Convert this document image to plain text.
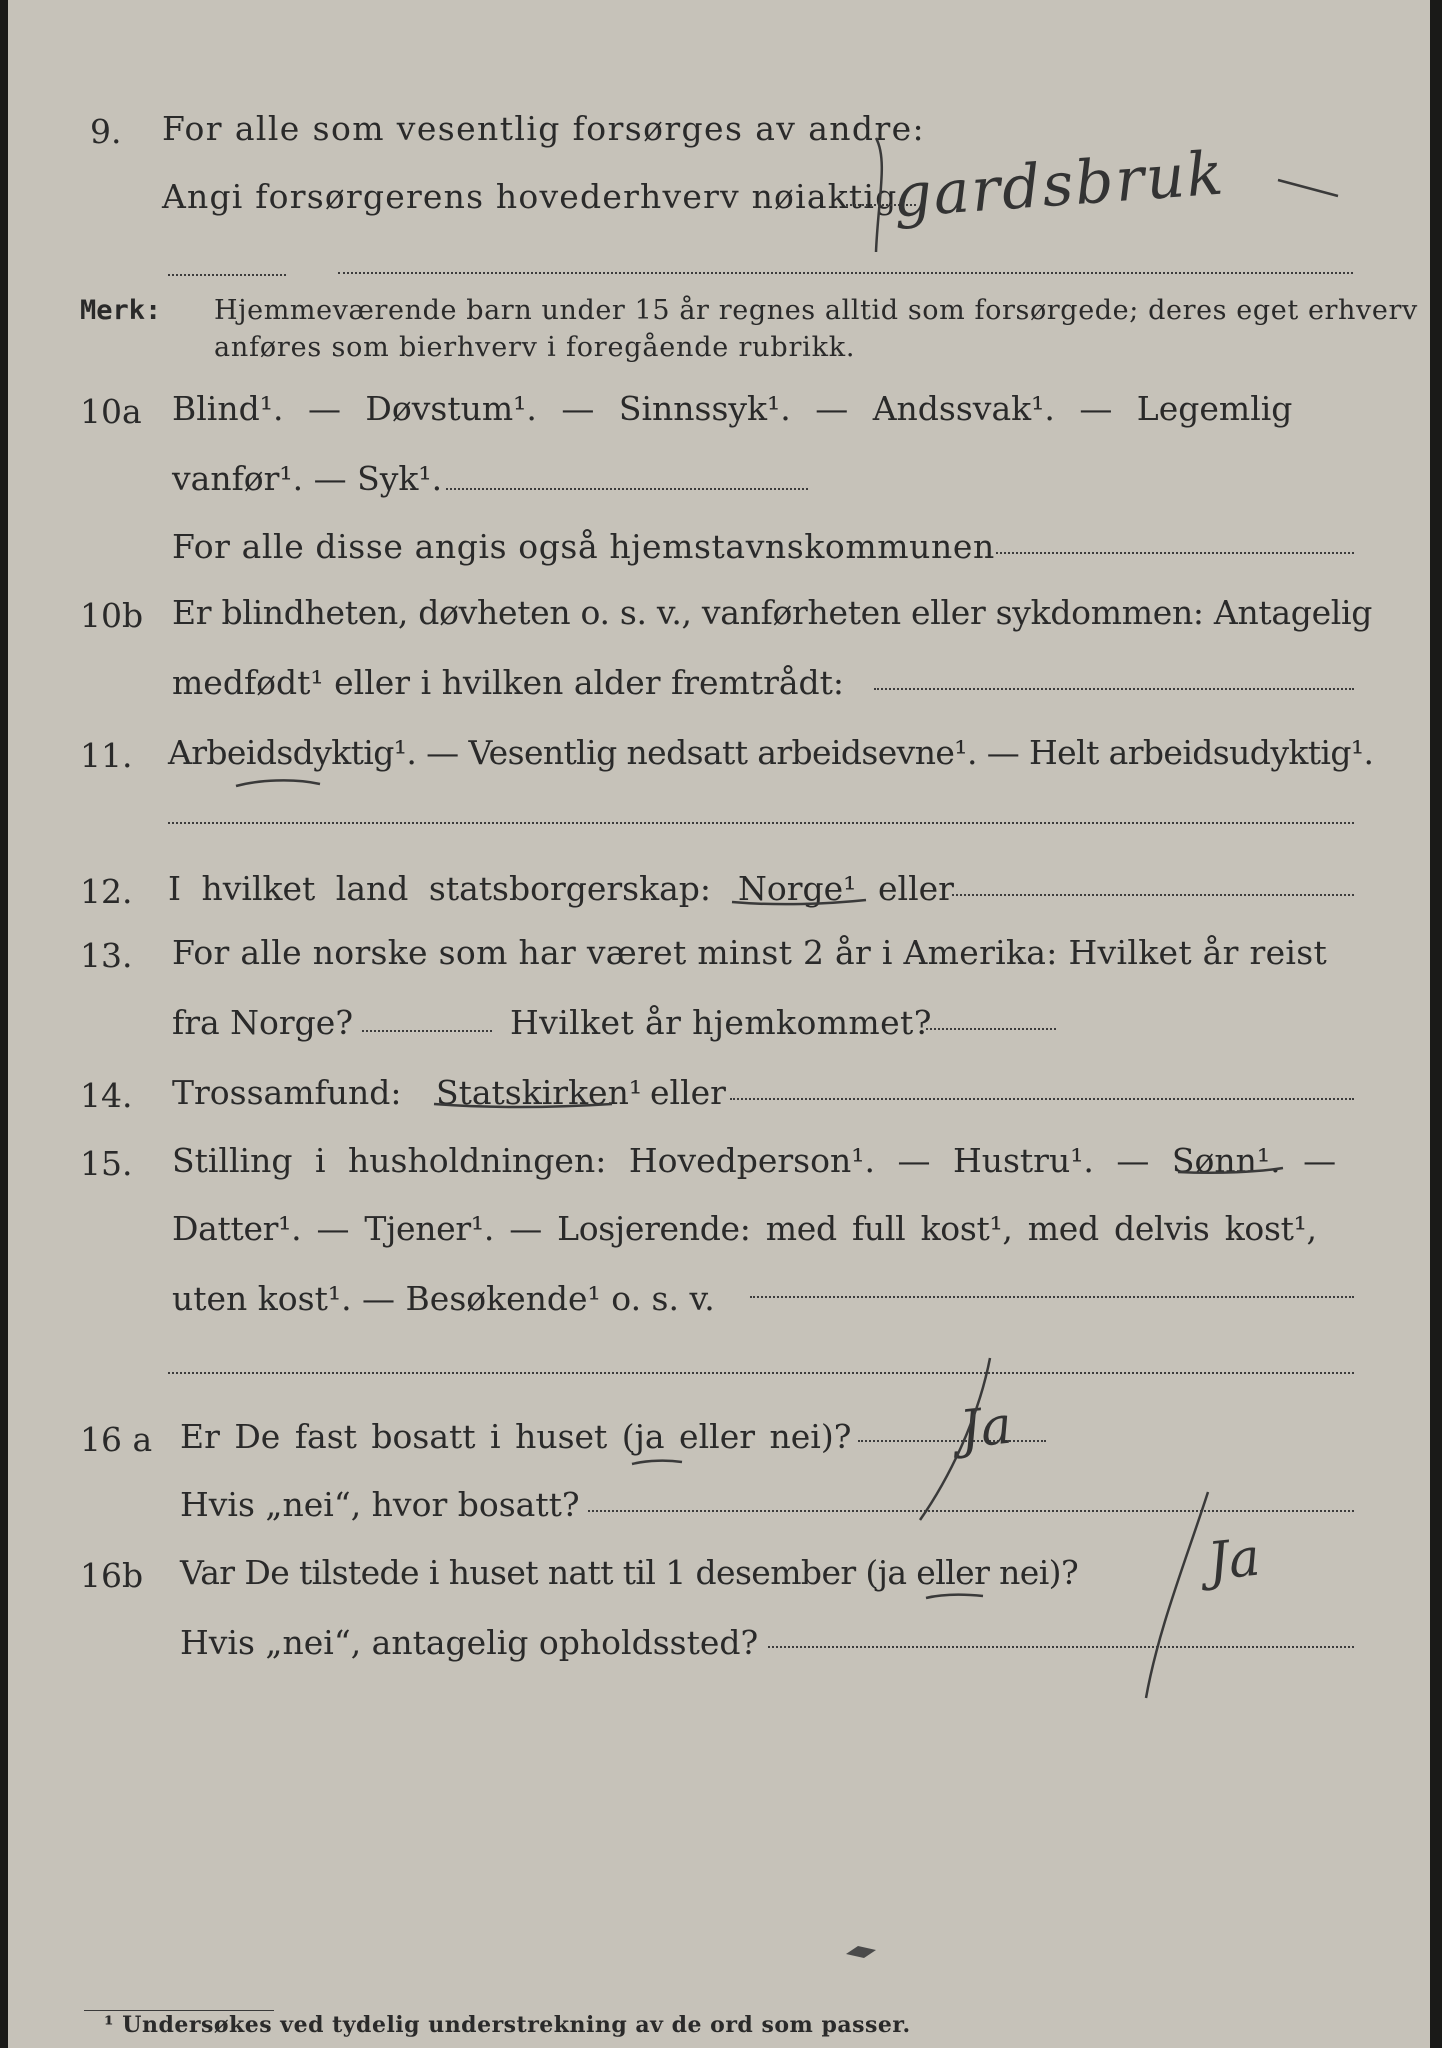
9. For alle som vesentlig forsørges av andre:
Angi forsørgerens hovederhverv nøiaktig
gardsbruk
Merk: Hjemmeværende barn under 15 år regnes alltid som forsørgede; deres eget erhverv
anføres som bierhverv i foregående rubrikk.
10a Blind¹. — Døvstum¹. — Sinnssyk¹. — Andssvak¹. — Legemlig
vanfør¹. — Syk¹.
For alle disse angis også hjemstavnskommunen
10b Er blindheten, døvheten o. s. v., vanførheten eller sykdommen: Antagelig
medfødt¹ eller i hvilken alder fremtrådt:
11. Arbeidsdyktig¹. — Vesentlig nedsatt arbeidsevne¹. — Helt arbeidsudyktig¹.
12. I hvilket land statsborgerskap: Norge¹ eller
13. For alle norske som har været minst 2 år i Amerika: Hvilket år reist
fra Norge?	Hvilket år hjemkommet?
14. Trossamfund: Statskirken¹ eller
15. Stilling i husholdningen: Hovedperson¹. — Hustru¹. — Sønn¹. —
Datter¹. — Tjener¹. — Losjerende: med full kost¹, med delvis kost¹,
uten kost¹. — Besøkende¹ o. s. v.
16 a Er De fast bosatt i huset (ja eller nei)? Ja
Hvis „nei“, hvor bosatt?
16b Var De tilstede i huset natt til 1 desember (ja eller nei)? Ja
Hvis „nei“, antagelig opholdssted?
¹ Undersøkes ved tydelig understrekning av de ord som passer.
